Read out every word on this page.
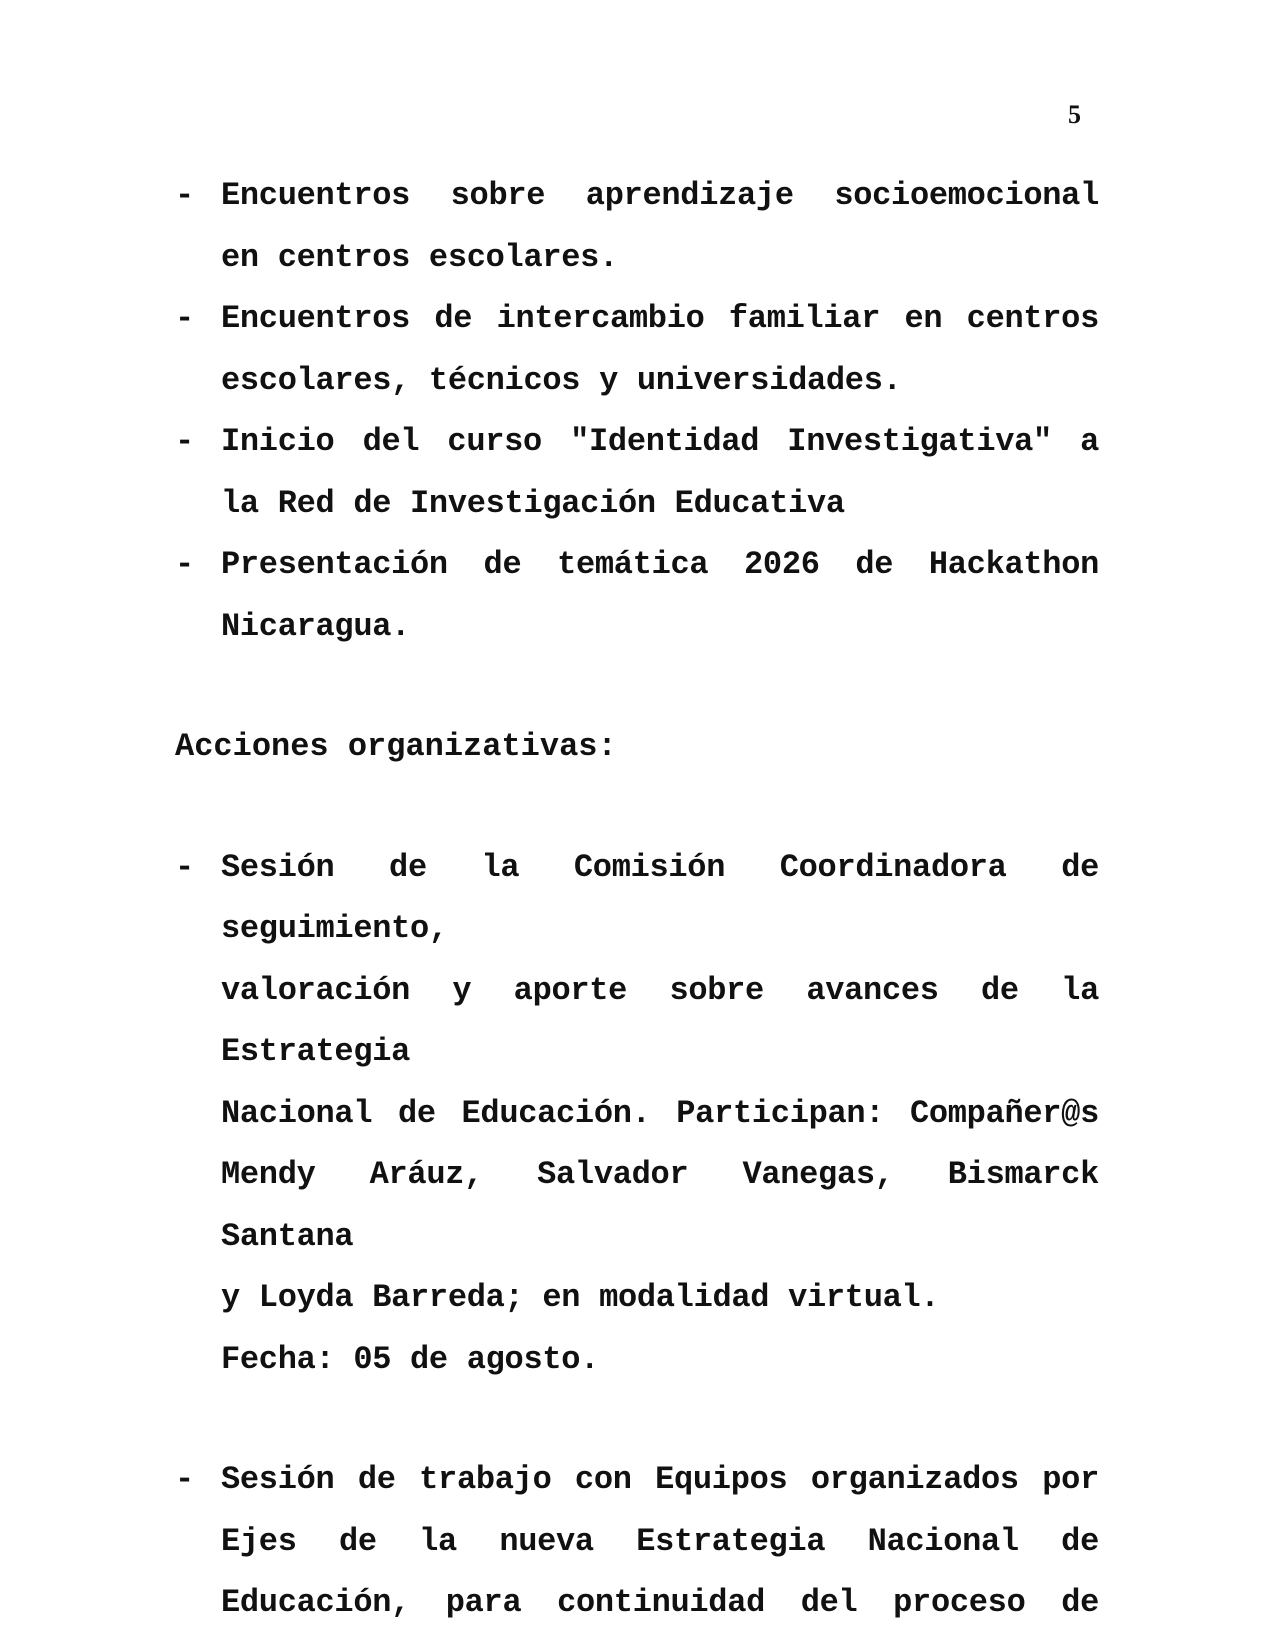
5
- Encuentros sobre aprendizaje socioemocional
en centros escolares.
- Encuentros de intercambio familiar en centros
escolares, técnicos y universidades.
- Inicio del curso "Identidad Investigativa" a
la Red de Investigación Educativa
- Presentación de temática 2026 de Hackathon
Nicaragua.
Acciones organizativas:
- Sesión de la Comisión Coordinadora de seguimiento,
valoración y aporte sobre avances de la Estrategia
Nacional de Educación. Participan: Compañer@s
Mendy Aráuz, Salvador Vanegas, Bismarck Santana
y Loyda Barreda; en modalidad virtual.
Fecha: 05 de agosto.
- Sesión de trabajo con Equipos organizados por
Ejes de la nueva Estrategia Nacional de
Educación, para continuidad del proceso de
